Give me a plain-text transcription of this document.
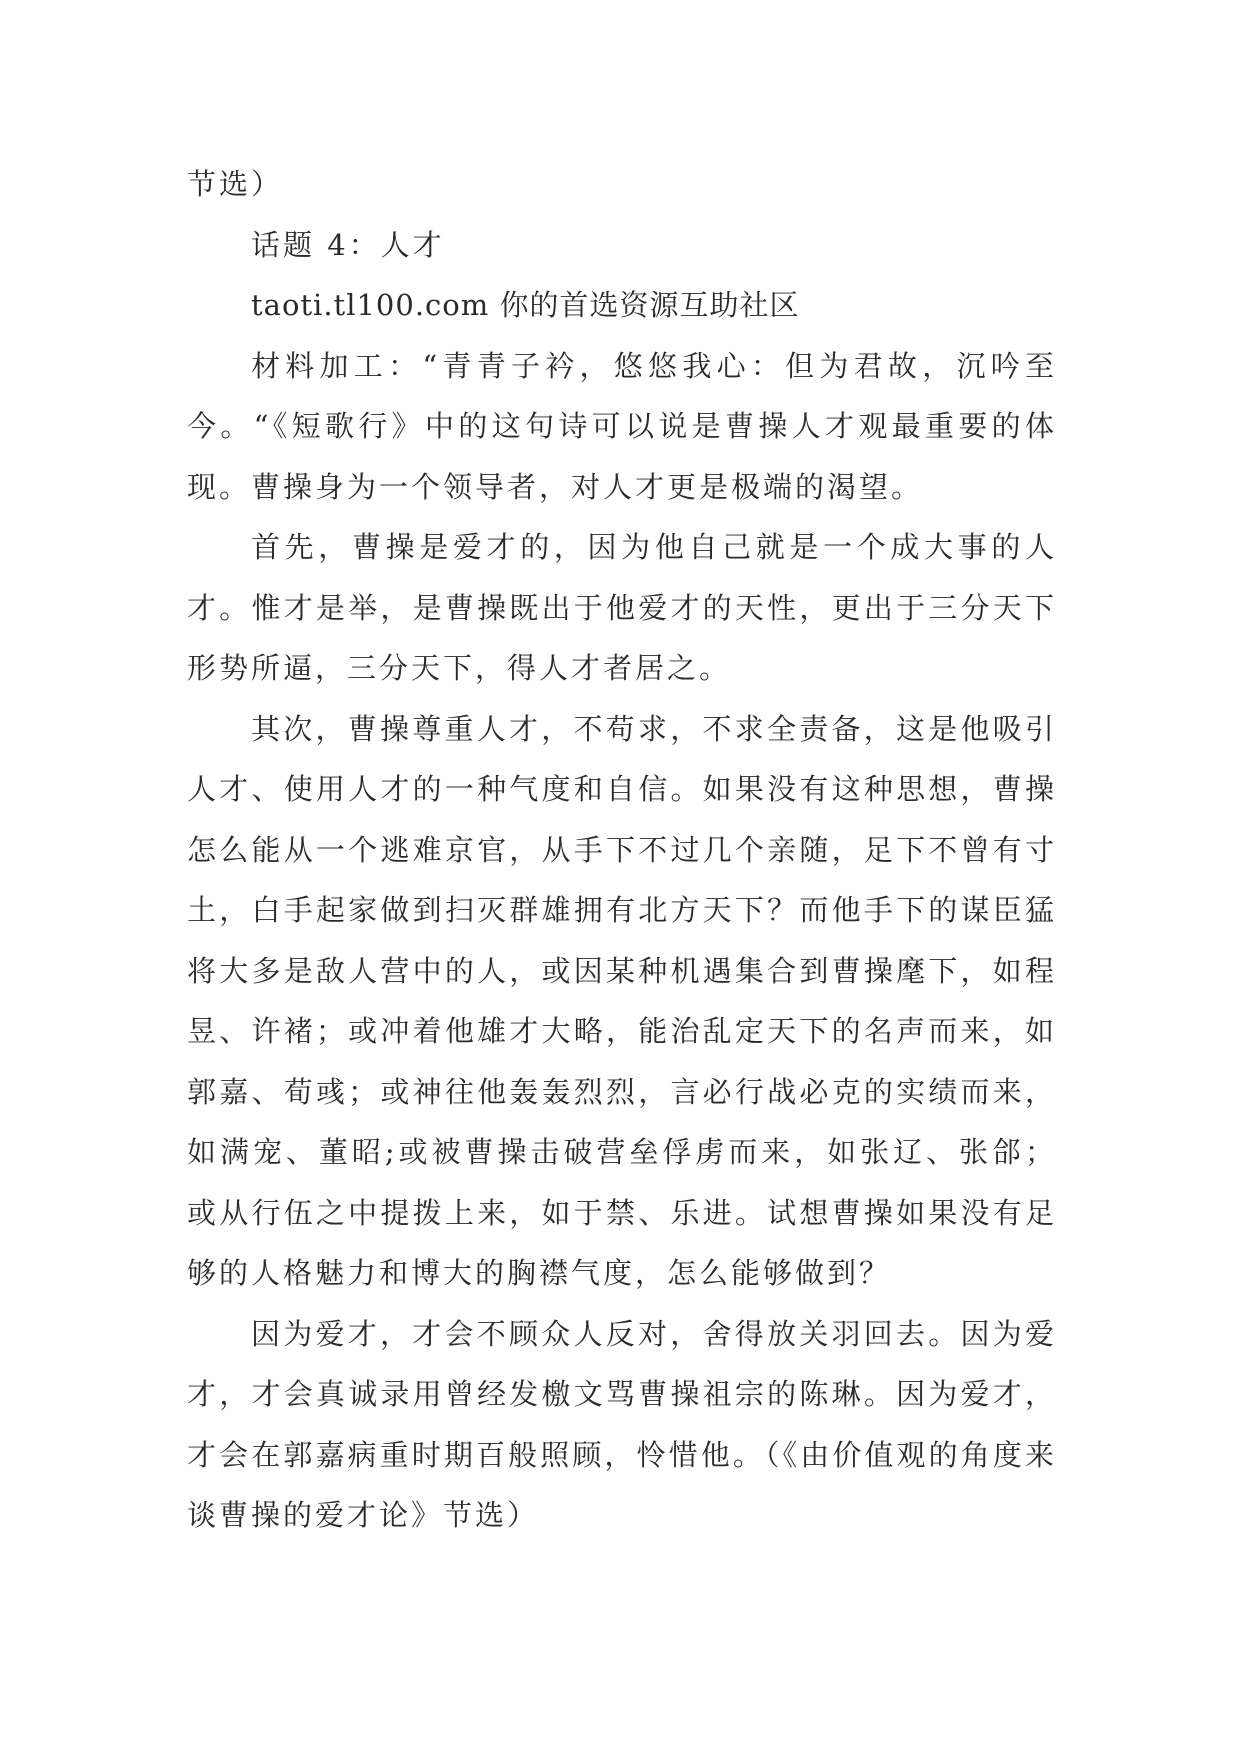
节选）

话题 4：人才

taoti.tl100.com 你的首选资源互助社区

材料加工：“青青子衿，悠悠我心：但为君故，沉吟至今。“《短歌行》中的这句诗可以说是曹操人才观最重要的体现。曹操身为一个领导者，对人才更是极端的渴望。

首先，曹操是爱才的，因为他自己就是一个成大事的人才。惟才是举，是曹操既出于他爱才的天性，更出于三分天下形势所逼，三分天下，得人才者居之。

其次，曹操尊重人才，不苟求，不求全责备，这是他吸引人才、使用人才的一种气度和自信。如果没有这种思想，曹操怎么能从一个逃难京官，从手下不过几个亲随，足下不曾有寸土，白手起家做到扫灭群雄拥有北方天下？而他手下的谋臣猛将大多是敌人营中的人，或因某种机遇集合到曹操麾下，如程昱、许褚；或冲着他雄才大略，能治乱定天下的名声而来，如郭嘉、荀彧；或神往他轰轰烈烈，言必行战必克的实绩而来，如满宠、董昭;或被曹操击破营垒俘虏而来，如张辽、张郃；或从行伍之中提拨上来，如于禁、乐进。试想曹操如果没有足够的人格魅力和博大的胸襟气度，怎么能够做到？

因为爱才，才会不顾众人反对，舍得放关羽回去。因为爱才，才会真诚录用曾经发檄文骂曹操祖宗的陈琳。因为爱才，才会在郭嘉病重时期百般照顾，怜惜他。（《由价值观的角度来谈曹操的爱才论》节选）
